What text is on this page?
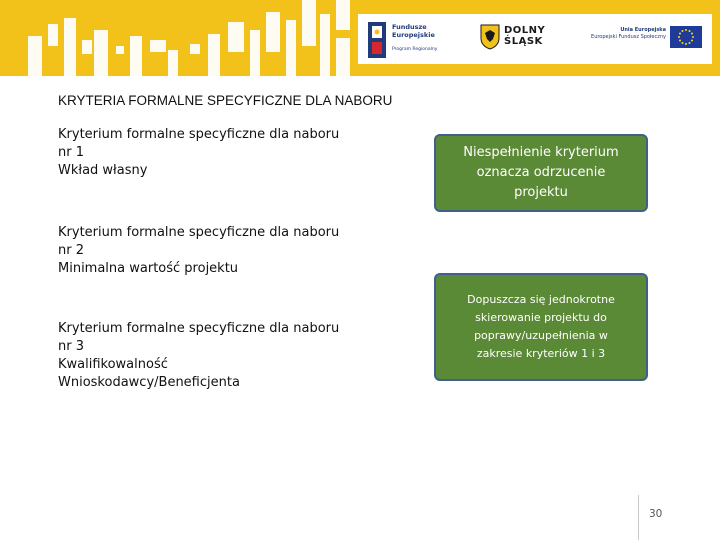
Fundusze
Europejskie
Program Regionalny
DOLNY
ŚLĄSK
Unia Europejska
Europejski Fundusz Społeczny
KRYTERIA FORMALNE SPECYFICZNE DLA NABORU
Kryterium formalne specyficzne dla naboru nr 1
Wkład własny
Kryterium formalne specyficzne dla naboru nr 2
Minimalna wartość projektu
Kryterium formalne specyficzne dla naboru nr 3
Kwalifikowalność Wnioskodawcy/Beneficjenta
Niespełnienie kryterium oznacza odrzucenie projektu
Dopuszcza się jednokrotne skierowanie projektu do poprawy/uzupełnienia w zakresie kryteriów 1 i 3
30
